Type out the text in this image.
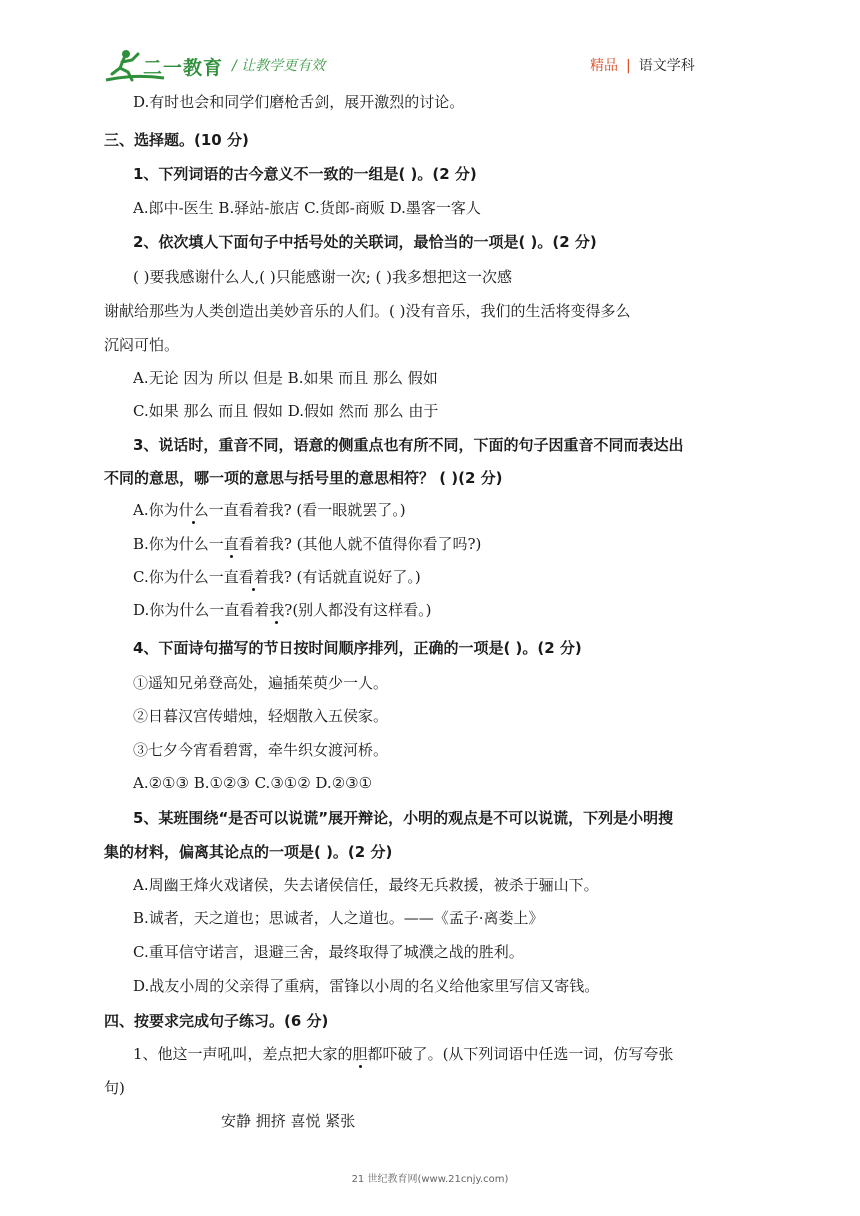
二一教育 / 让教学更有效	精品 | 语文学科
D.有时也会和同学们磨枪舌剑，展开激烈的讨论。
三、选择题。(10 分)
1、下列词语的古今意义不一致的一组是( )。(2 分)
A.郎中-医生 B.驿站-旅店 C.货郎-商贩 D.墨客一客人
2、依次填人下面句子中括号处的关联词，最恰当的一项是( )。(2 分)
( )要我感谢什么人,( )只能感谢一次; ( )我多想把这一次感
谢献给那些为人类创造出美妙音乐的人们。( )没有音乐，我们的生活将变得多么
沉闷可怕。
A.无论 因为 所以 但是 B.如果 而且 那么 假如
C.如果 那么 而且 假如 D.假如 然而 那么 由于
3、说话时，重音不同，语意的侧重点也有所不同，下面的句子因重音不同而表达出
不同的意思，哪一项的意思与括号里的意思相符？ ( )(2 分)
A.你为什么一直看着我? (看一眼就罢了。)
B.你为什么一直看着我? (其他人就不值得你看了吗?)
C.你为什么一直看着我? (有话就直说好了。)
D.你为什么一直看着我?(别人都没有这样看。)
4、下面诗句描写的节日按时间顺序排列，正确的一项是( )。(2 分)
①遥知兄弟登高处，遍插茱萸少一人。
②日暮汉宫传蜡烛，轻烟散入五侯家。
③七夕今宵看碧霄，牵牛织女渡河桥。
A.②①③ B.①②③ C.③①② D.②③①
5、某班围绕“是否可以说谎”展开辩论，小明的观点是不可以说谎，下列是小明搜
集的材料，偏离其论点的一项是( )。(2 分)
A.周幽王烽火戏诸侯，失去诸侯信任，最终无兵救援，被杀于骊山下。
B.诚者，天之道也；思诚者，人之道也。——《孟子·离娄上》
C.重耳信守诺言，退避三舍，最终取得了城濮之战的胜利。
D.战友小周的父亲得了重病，雷锋以小周的名义给他家里写信又寄钱。
四、按要求完成句子练习。(6 分)
1、他这一声吼叫，差点把大家的胆都吓破了。(从下列词语中任选一词，仿写夸张
句)
安静 拥挤 喜悦 紧张
21 世纪教育网(www.21cnjy.com)
